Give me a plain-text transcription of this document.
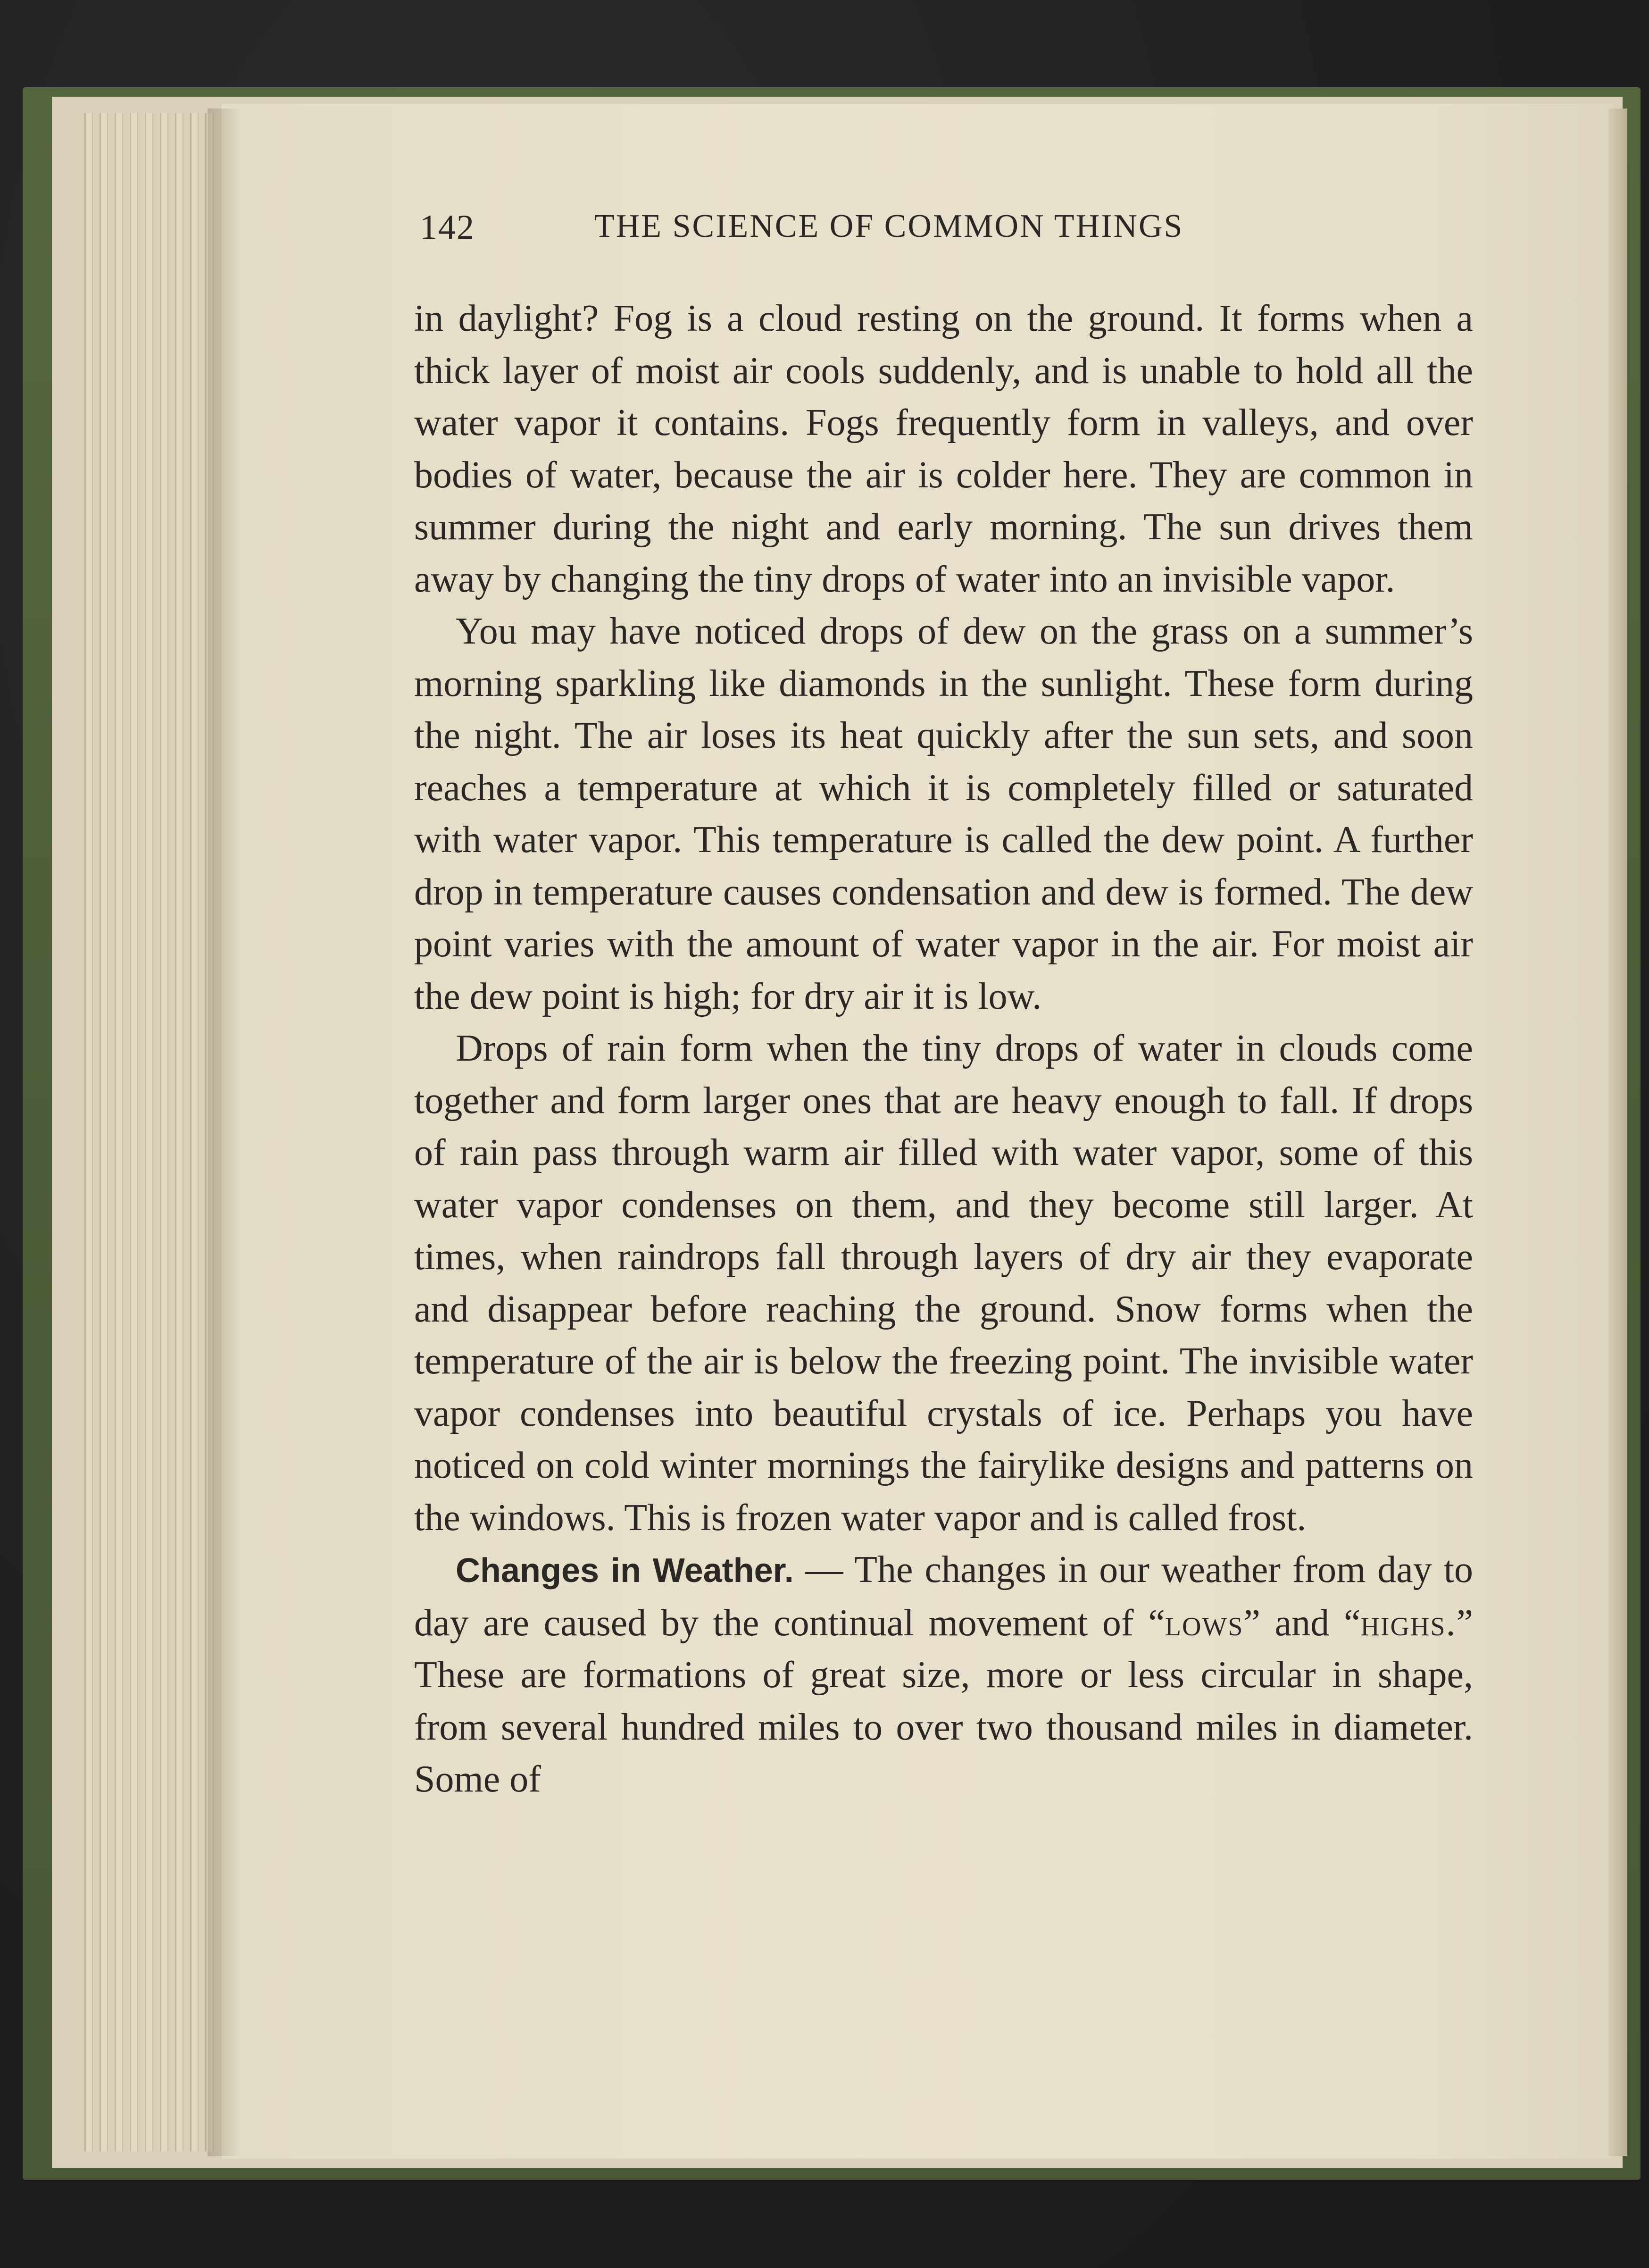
142	THE SCIENCE OF COMMON THINGS

in daylight? Fog is a cloud resting on the ground. It forms when a thick layer of moist air cools suddenly, and is unable to hold all the water vapor it contains. Fogs frequently form in valleys, and over bodies of water, because the air is colder here. They are common in summer during the night and early morning. The sun drives them away by changing the tiny drops of water into an invisible vapor.

You may have noticed drops of dew on the grass on a summer’s morning sparkling like diamonds in the sunlight. These form during the night. The air loses its heat quickly after the sun sets, and soon reaches a temperature at which it is completely filled or saturated with water vapor. This temperature is called the dew point. A further drop in temperature causes condensation and dew is formed. The dew point varies with the amount of water vapor in the air. For moist air the dew point is high; for dry air it is low.

Drops of rain form when the tiny drops of water in clouds come together and form larger ones that are heavy enough to fall. If drops of rain pass through warm air filled with water vapor, some of this water vapor condenses on them, and they become still larger. At times, when raindrops fall through layers of dry air they evaporate and disappear before reaching the ground. Snow forms when the temperature of the air is below the freezing point. The invisible water vapor condenses into beautiful crystals of ice. Perhaps you have noticed on cold winter mornings the fairylike designs and patterns on the windows. This is frozen water vapor and is called frost.

Changes in Weather. — The changes in our weather from day to day are caused by the continual movement of “lows” and “highs.” These are formations of great size, more or less circular in shape, from several hundred miles to over two thousand miles in diameter. Some of
